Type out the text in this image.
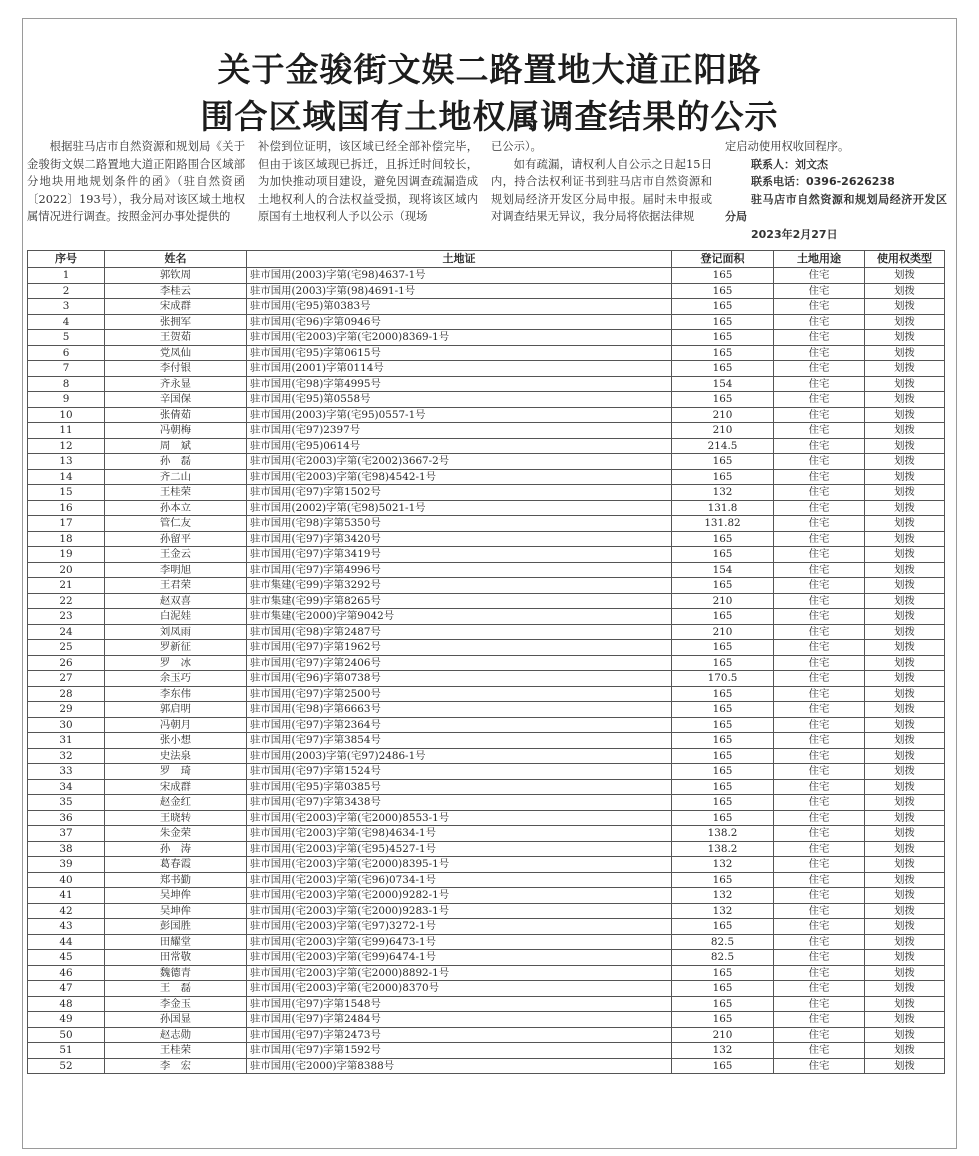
关于金骏街文娱二路置地大道正阳路
围合区域国有土地权属调查结果的公示

根据驻马店市自然资源和规划局《关于金骏街文娱二路置地大道正阳路围合区域部分地块用地规划条件的函》（驻自然资函〔2022〕193号），我分局对该区域土地权属情况进行调查。按照金河办事处提供的

补偿到位证明，该区域已经全部补偿完毕，但由于该区域现已拆迁，且拆迁时间较长，为加快推动项目建设，避免因调查疏漏造成土地权利人的合法权益受损，现将该区域内原国有土地权利人予以公示（现场
已公示）。

如有疏漏，请权利人自公示之日起15日内，持合法权利证书到驻马店市自然资源和规划局经济开发区分局申报。届时未申报或对调查结果无异议，我分局将依据法律规

定启动使用权收回程序。
联系人：刘文杰
联系电话：0396-2626238
驻马店市自然资源和规划局经济开发区分局
2023年2月27日
序号	姓名	土地证	登记面积	土地用途	使用权类型
1	郭钦周	驻市国用(2003)字第(宅98)4637-1号	165	住宅	划拨
2	李桂云	驻市国用(2003)字第(98)4691-1号	165	住宅	划拨
3	宋成群	驻市国用(宅95)第0383号	165	住宅	划拨
4	张拥军	驻市国用(宅96)字第0946号	165	住宅	划拨
5	王贺茹	驻市国用(宅2003)字第(宅2000)8369-1号	165	住宅	划拨
6	党凤仙	驻市国用(宅95)字第0615号	165	住宅	划拨
7	李付银	驻市国用(2001)字第0114号	165	住宅	划拨
8	齐永显	驻市国用(宅98)字第4995号	154	住宅	划拨
9	辛国保	驻市国用(宅95)第0558号	165	住宅	划拨
10	张倩茹	驻市国用(2003)字第(宅95)0557-1号	210	住宅	划拨
11	冯朝梅	驻市国用(宅97)2397号	210	住宅	划拨
12	周　斌	驻市国用(宅95)0614号	214.5	住宅	划拨
13	孙　磊	驻市国用(宅2003)字第(宅2002)3667-2号	165	住宅	划拨
14	齐二山	驻市国用(宅2003)字第(宅98)4542-1号	165	住宅	划拨
15	王桂荣	驻市国用(宅97)字第1502号	132	住宅	划拨
16	孙本立	驻市国用(2002)字第(宅98)5021-1号	131.8	住宅	划拨
17	管仁友	驻市国用(宅98)字第5350号	131.82	住宅	划拨
18	孙留平	驻市国用(宅97)字第3420号	165	住宅	划拨
19	王金云	驻市国用(宅97)字第3419号	165	住宅	划拨
20	李明旭	驻市国用(宅97)字第4996号	154	住宅	划拨
21	王君荣	驻市集建(宅99)字第3292号	165	住宅	划拨
22	赵双喜	驻市集建(宅99)字第8265号	210	住宅	划拨
23	白泥娃	驻市集建(宅2000)字第9042号	165	住宅	划拨
24	刘凤雨	驻市国用(宅98)字第2487号	210	住宅	划拨
25	罗新征	驻市国用(宅97)字第1962号	165	住宅	划拨
26	罗　冰	驻市国用(宅97)字第2406号	165	住宅	划拨
27	余玉巧	驻市国用(宅96)字第0738号	170.5	住宅	划拨
28	李东伟	驻市国用(宅97)字第2500号	165	住宅	划拨
29	郭启明	驻市国用(宅98)字第6663号	165	住宅	划拨
30	冯朝月	驻市国用(宅97)字第2364号	165	住宅	划拨
31	张小想	驻市国用(宅97)字第3854号	165	住宅	划拨
32	史法泉	驻市国用(2003)字第(宅97)2486-1号	165	住宅	划拨
33	罗　琦	驻市国用(宅97)字第1524号	165	住宅	划拨
34	宋成群	驻市国用(宅95)字第0385号	165	住宅	划拨
35	赵金红	驻市国用(宅97)字第3438号	165	住宅	划拨
36	王晓转	驻市国用(宅2003)字第(宅2000)8553-1号	165	住宅	划拨
37	朱金荣	驻市国用(宅2003)字第(宅98)4634-1号	138.2	住宅	划拨
38	孙　涛	驻市国用(宅2003)字第(宅95)4527-1号	138.2	住宅	划拨
39	葛春霞	驻市国用(宅2003)字第(宅2000)8395-1号	132	住宅	划拨
40	郑书勤	驻市国用(宅2003)字第(宅96)0734-1号	165	住宅	划拨
41	吴坤侔	驻市国用(宅2003)字第(宅2000)9282-1号	132	住宅	划拨
42	吴坤侔	驻市国用(宅2003)字第(宅2000)9283-1号	132	住宅	划拨
43	彭国胜	驻市国用(宅2003)字第(宅97)3272-1号	165	住宅	划拨
44	田耀堂	驻市国用(宅2003)字第(宅99)6473-1号	82.5	住宅	划拨
45	田常敬	驻市国用(宅2003)字第(宅99)6474-1号	82.5	住宅	划拨
46	魏德青	驻市国用(宅2003)字第(宅2000)8892-1号	165	住宅	划拨
47	王　磊	驻市国用(宅2003)字第(宅2000)8370号	165	住宅	划拨
48	李金玉	驻市国用(宅97)字第1548号	165	住宅	划拨
49	孙国显	驻市国用(宅97)字第2484号	165	住宅	划拨
50	赵志勋	驻市国用(宅97)字第2473号	210	住宅	划拨
51	王桂荣	驻市国用(宅97)字第1592号	132	住宅	划拨
52	李　宏	驻市国用(宅2000)字第8388号	165	住宅	划拨
